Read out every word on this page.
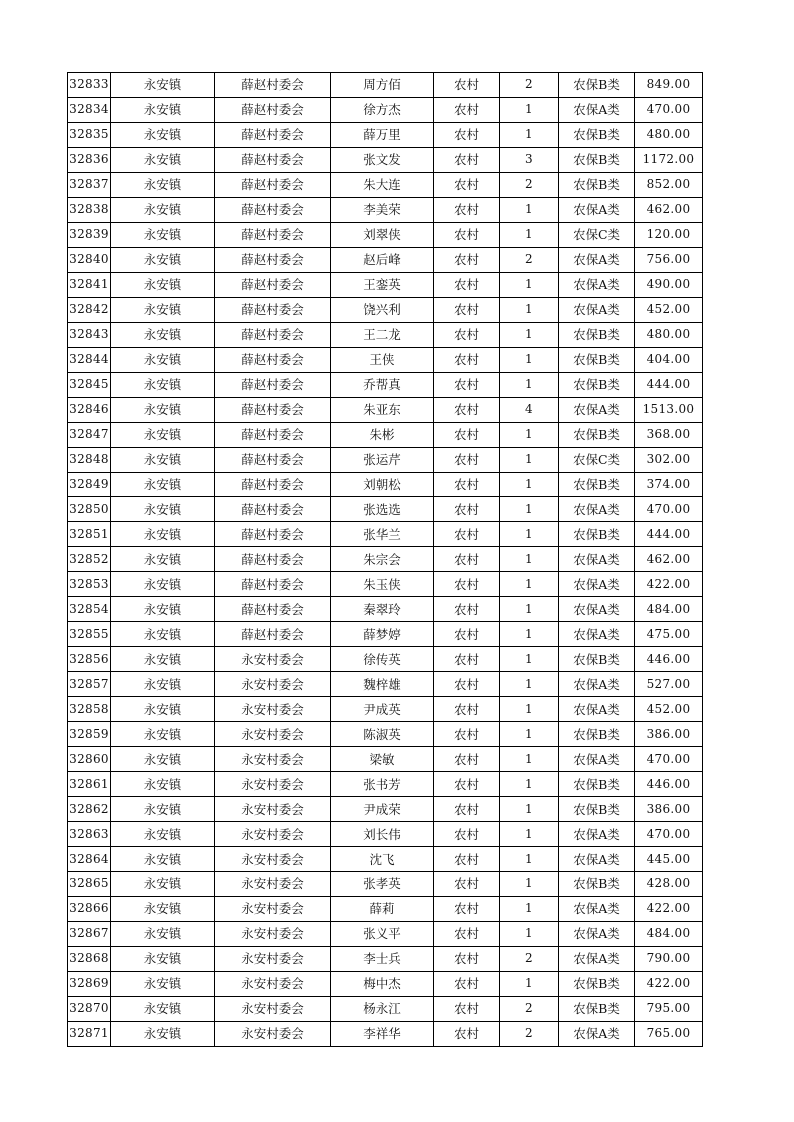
32833	永安镇	薛赵村委会	周方佰	农村	2	农保B类	849.00
32834	永安镇	薛赵村委会	徐方杰	农村	1	农保A类	470.00
32835	永安镇	薛赵村委会	薛万里	农村	1	农保B类	480.00
32836	永安镇	薛赵村委会	张文发	农村	3	农保B类	1172.00
32837	永安镇	薛赵村委会	朱大连	农村	2	农保B类	852.00
32838	永安镇	薛赵村委会	李美荣	农村	1	农保A类	462.00
32839	永安镇	薛赵村委会	刘翠侠	农村	1	农保C类	120.00
32840	永安镇	薛赵村委会	赵后峰	农村	2	农保A类	756.00
32841	永安镇	薛赵村委会	王銮英	农村	1	农保A类	490.00
32842	永安镇	薛赵村委会	饶兴利	农村	1	农保A类	452.00
32843	永安镇	薛赵村委会	王二龙	农村	1	农保B类	480.00
32844	永安镇	薛赵村委会	王侠	农村	1	农保B类	404.00
32845	永安镇	薛赵村委会	乔帮真	农村	1	农保B类	444.00
32846	永安镇	薛赵村委会	朱亚东	农村	4	农保A类	1513.00
32847	永安镇	薛赵村委会	朱彬	农村	1	农保B类	368.00
32848	永安镇	薛赵村委会	张运芹	农村	1	农保C类	302.00
32849	永安镇	薛赵村委会	刘朝松	农村	1	农保B类	374.00
32850	永安镇	薛赵村委会	张选选	农村	1	农保A类	470.00
32851	永安镇	薛赵村委会	张华兰	农村	1	农保B类	444.00
32852	永安镇	薛赵村委会	朱宗会	农村	1	农保A类	462.00
32853	永安镇	薛赵村委会	朱玉侠	农村	1	农保A类	422.00
32854	永安镇	薛赵村委会	秦翠玲	农村	1	农保A类	484.00
32855	永安镇	薛赵村委会	薛梦婷	农村	1	农保A类	475.00
32856	永安镇	永安村委会	徐传英	农村	1	农保B类	446.00
32857	永安镇	永安村委会	魏梓雄	农村	1	农保A类	527.00
32858	永安镇	永安村委会	尹成英	农村	1	农保A类	452.00
32859	永安镇	永安村委会	陈淑英	农村	1	农保B类	386.00
32860	永安镇	永安村委会	梁敏	农村	1	农保A类	470.00
32861	永安镇	永安村委会	张书芳	农村	1	农保B类	446.00
32862	永安镇	永安村委会	尹成荣	农村	1	农保B类	386.00
32863	永安镇	永安村委会	刘长伟	农村	1	农保A类	470.00
32864	永安镇	永安村委会	沈飞	农村	1	农保A类	445.00
32865	永安镇	永安村委会	张孝英	农村	1	农保B类	428.00
32866	永安镇	永安村委会	薛莉	农村	1	农保A类	422.00
32867	永安镇	永安村委会	张义平	农村	1	农保A类	484.00
32868	永安镇	永安村委会	李士兵	农村	2	农保A类	790.00
32869	永安镇	永安村委会	梅中杰	农村	1	农保B类	422.00
32870	永安镇	永安村委会	杨永江	农村	2	农保B类	795.00
32871	永安镇	永安村委会	李祥华	农村	2	农保A类	765.00
